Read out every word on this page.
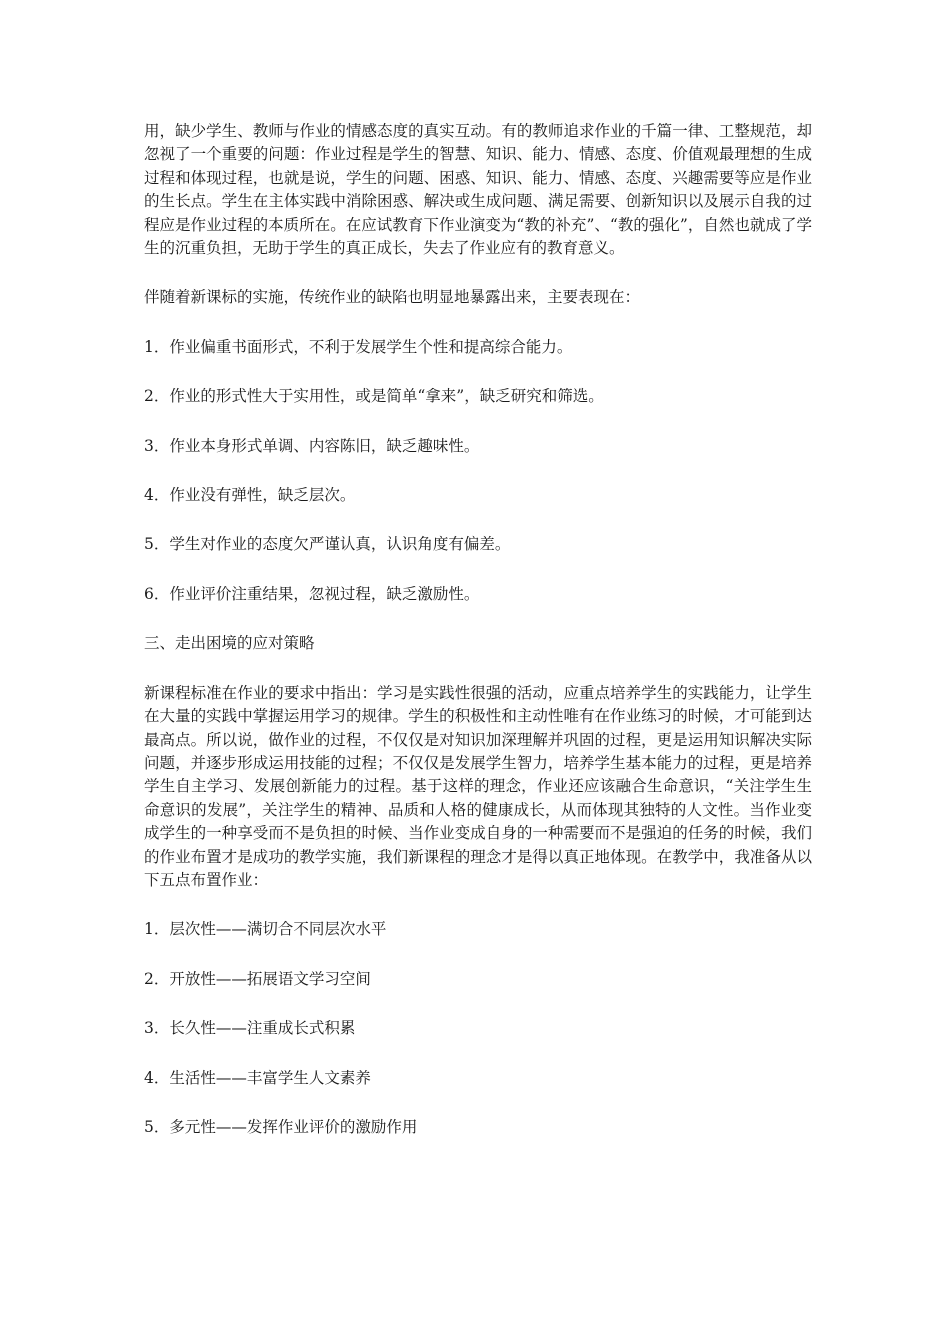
用，缺少学生、教师与作业的情感态度的真实互动。有的教师追求作业的千篇一律、工整规范，却忽视了一个重要的问题：作业过程是学生的智慧、知识、能力、情感、态度、价值观最理想的生成过程和体现过程，也就是说，学生的问题、困惑、知识、能力、情感、态度、兴趣需要等应是作业的生长点。学生在主体实践中消除困惑、解决或生成问题、满足需要、创新知识以及展示自我的过程应是作业过程的本质所在。在应试教育下作业演变为“教的补充”、“教的强化”，自然也就成了学生的沉重负担，无助于学生的真正成长，失去了作业应有的教育意义。

伴随着新课标的实施，传统作业的缺陷也明显地暴露出来，主要表现在：

1．作业偏重书面形式，不利于发展学生个性和提高综合能力。

2．作业的形式性大于实用性，或是简单“拿来”，缺乏研究和筛选。

3．作业本身形式单调、内容陈旧，缺乏趣味性。

4．作业没有弹性，缺乏层次。

5．学生对作业的态度欠严谨认真，认识角度有偏差。

6．作业评价注重结果，忽视过程，缺乏激励性。

三、走出困境的应对策略

新课程标准在作业的要求中指出：学习是实践性很强的活动，应重点培养学生的实践能力，让学生在大量的实践中掌握运用学习的规律。学生的积极性和主动性唯有在作业练习的时候，才可能到达最高点。所以说，做作业的过程，不仅仅是对知识加深理解并巩固的过程，更是运用知识解决实际问题，并逐步形成运用技能的过程；不仅仅是发展学生智力，培养学生基本能力的过程，更是培养学生自主学习、发展创新能力的过程。基于这样的理念，作业还应该融合生命意识，“关注学生生命意识的发展”，关注学生的精神、品质和人格的健康成长，从而体现其独特的人文性。当作业变成学生的一种享受而不是负担的时候、当作业变成自身的一种需要而不是强迫的任务的时候，我们的作业布置才是成功的教学实施，我们新课程的理念才是得以真正地体现。在教学中，我准备从以下五点布置作业：

1．层次性——满切合不同层次水平

2．开放性——拓展语文学习空间

3．长久性——注重成长式积累

4．生活性——丰富学生人文素养

5．多元性——发挥作业评价的激励作用
